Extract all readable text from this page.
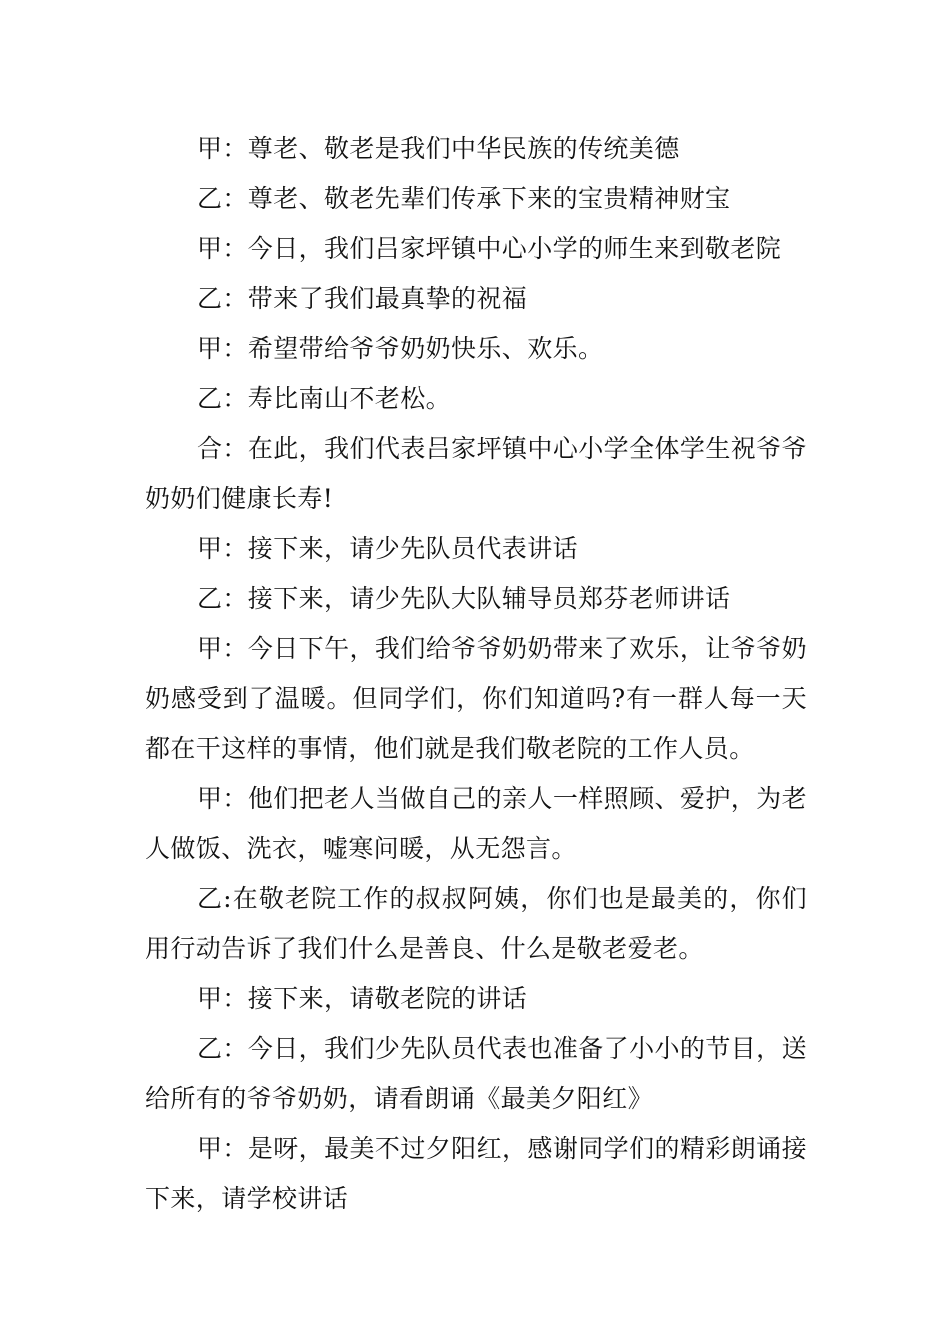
甲：尊老、敬老是我们中华民族的传统美德

乙：尊老、敬老先辈们传承下来的宝贵精神财宝

甲：今日，我们吕家坪镇中心小学的师生来到敬老院

乙：带来了我们最真挚的祝福

甲：希望带给爷爷奶奶快乐、欢乐。

乙：寿比南山不老松。

合：在此，我们代表吕家坪镇中心小学全体学生祝爷爷奶奶们健康长寿!

甲：接下来，请少先队员代表讲话

乙：接下来，请少先队大队辅导员郑芬老师讲话

甲：今日下午，我们给爷爷奶奶带来了欢乐，让爷爷奶奶感受到了温暖。但同学们，你们知道吗?有一群人每一天都在干这样的事情，他们就是我们敬老院的工作人员。

甲：他们把老人当做自己的亲人一样照顾、爱护，为老人做饭、洗衣，嘘寒问暖，从无怨言。

乙:在敬老院工作的叔叔阿姨，你们也是最美的，你们用行动告诉了我们什么是善良、什么是敬老爱老。

甲：接下来，请敬老院的讲话

乙：今日，我们少先队员代表也准备了小小的节目，送给所有的爷爷奶奶，请看朗诵《最美夕阳红》

甲：是呀，最美不过夕阳红，感谢同学们的精彩朗诵接下来，请学校讲话
